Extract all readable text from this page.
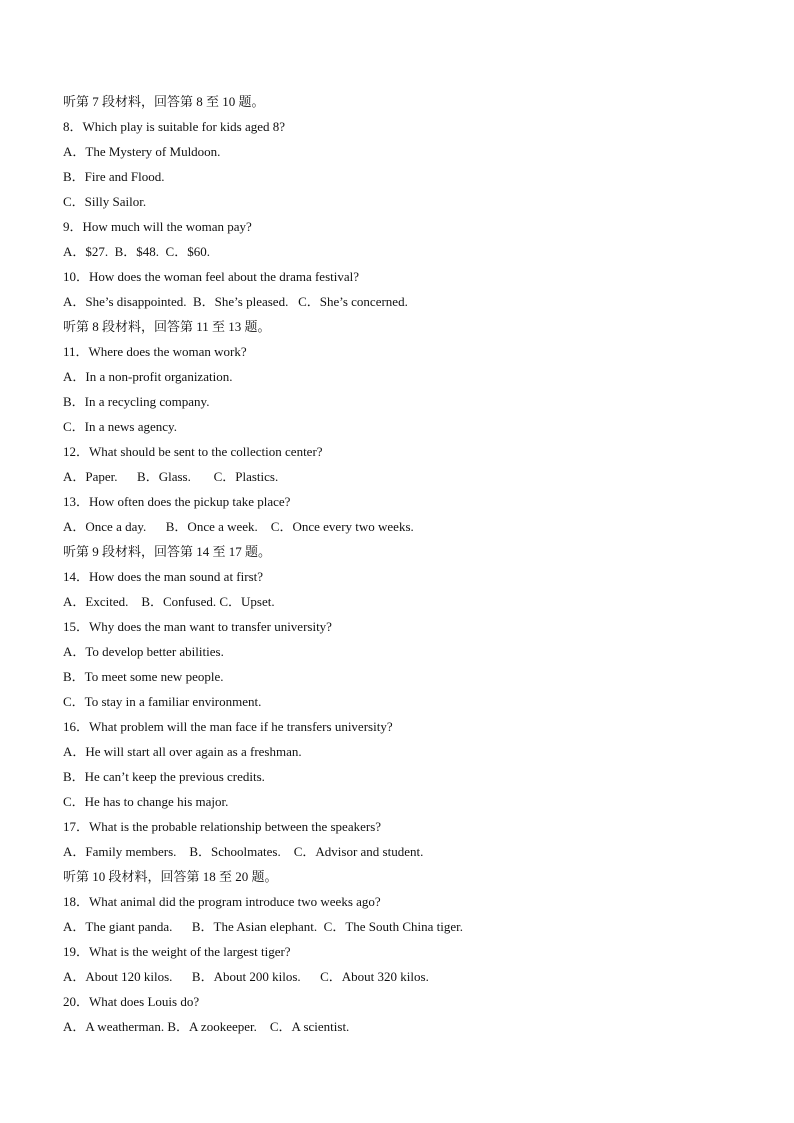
听第 7 段材料，回答第 8 至 10 题。
8．Which play is suitable for kids aged 8?
A．The Mystery of Muldoon.
B．Fire and Flood.
C．Silly Sailor.
9．How much will the woman pay?
A．$27.  B．$48.  C．$60.
10．How does the woman feel about the drama festival?
A．She’s disappointed.  B．She’s pleased.   C．She’s concerned.
听第 8 段材料，回答第 11 至 13 题。
11．Where does the woman work?
A．In a non-profit organization.
B．In a recycling company.
C．In a news agency.
12．What should be sent to the collection center?
A．Paper.      B．Glass.       C．Plastics.
13．How often does the pickup take place?
A．Once a day.      B．Once a week.    C．Once every two weeks.
听第 9 段材料，回答第 14 至 17 题。
14．How does the man sound at first?
A．Excited.    B．Confused. C．Upset.
15．Why does the man want to transfer university?
A．To develop better abilities.
B．To meet some new people.
C．To stay in a familiar environment.
16．What problem will the man face if he transfers university?
A．He will start all over again as a freshman.
B．He can’t keep the previous credits.
C．He has to change his major.
17．What is the probable relationship between the speakers?
A．Family members.    B．Schoolmates.    C．Advisor and student.
听第 10 段材料，回答第 18 至 20 题。
18．What animal did the program introduce two weeks ago?
A．The giant panda.      B．The Asian elephant.  C．The South China tiger.
19．What is the weight of the largest tiger?
A．About 120 kilos.      B．About 200 kilos.      C．About 320 kilos.
20．What does Louis do?
A．A weatherman. B．A zookeeper.    C．A scientist.
